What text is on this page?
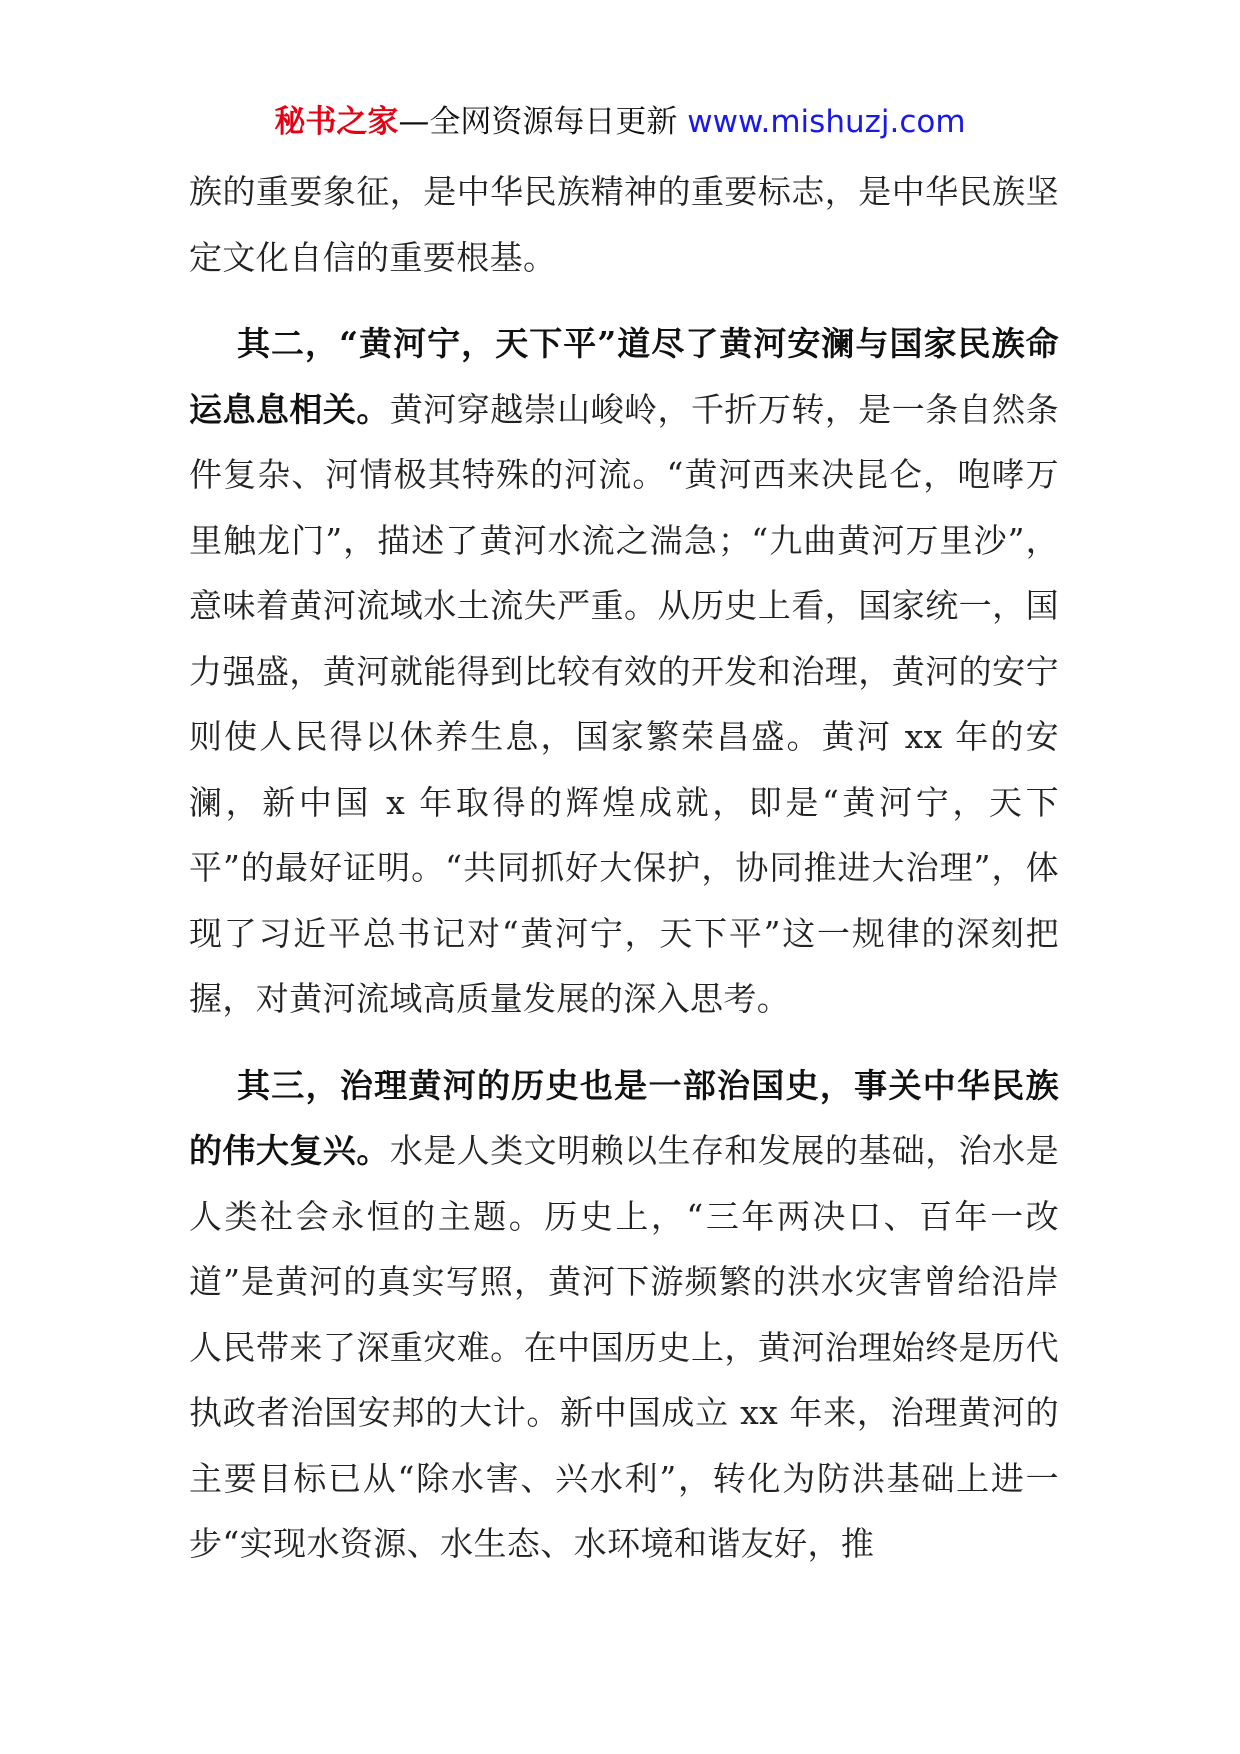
秘书之家—全网资源每日更新 www.mishuzj.com

族的重要象征，是中华民族精神的重要标志，是中华民族坚定文化自信的重要根基。

其二，“黄河宁，天下平”道尽了黄河安澜与国家民族命运息息相关。黄河穿越崇山峻岭，千折万转，是一条自然条件复杂、河情极其特殊的河流。“黄河西来决昆仑，咆哮万里触龙门”，描述了黄河水流之湍急；“九曲黄河万里沙”，意味着黄河流域水土流失严重。从历史上看，国家统一，国力强盛，黄河就能得到比较有效的开发和治理，黄河的安宁则使人民得以休养生息，国家繁荣昌盛。黄河 xx 年的安澜，新中国 x 年取得的辉煌成就，即是“黄河宁，天下平”的最好证明。“共同抓好大保护，协同推进大治理”，体现了习近平总书记对“黄河宁，天下平”这一规律的深刻把握，对黄河流域高质量发展的深入思考。

其三，治理黄河的历史也是一部治国史，事关中华民族的伟大复兴。水是人类文明赖以生存和发展的基础，治水是人类社会永恒的主题。历史上，“三年两决口、百年一改道”是黄河的真实写照，黄河下游频繁的洪水灾害曾给沿岸人民带来了深重灾难。在中国历史上，黄河治理始终是历代执政者治国安邦的大计。新中国成立 xx 年来，治理黄河的主要目标已从“除水害、兴水利”，转化为防洪基础上进一步“实现水资源、水生态、水环境和谐友好，推
